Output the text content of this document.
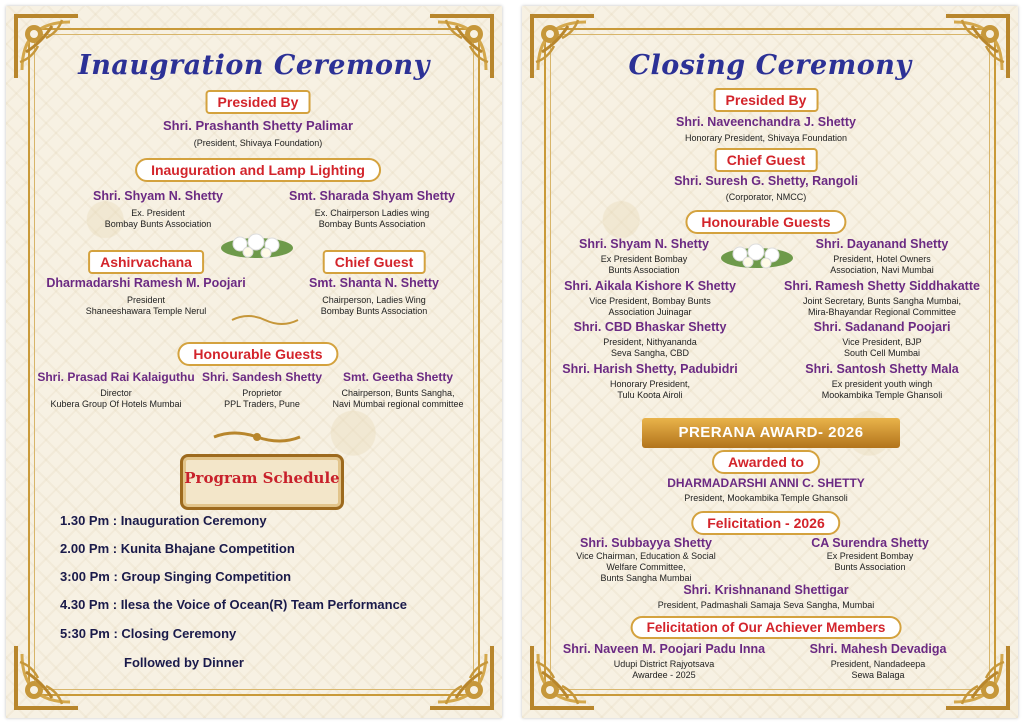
Inaugration Ceremony
Presided By
Shri. Prashanth Shetty Palimar
(President, Shivaya Foundation)
Inauguration and Lamp Lighting
Shri. Shyam N. Shetty
Ex. President
Bombay Bunts Association
Smt. Sharada Shyam Shetty
Ex. Chairperson Ladies wing
Bombay Bunts Association
Ashirvachana
Dharmadarshi Ramesh M. Poojari
President
Shaneeshawara Temple Nerul
Chief Guest
Smt. Shanta N. Shetty
Chairperson, Ladies Wing
Bombay Bunts Association
Honourable Guests
Shri. Prasad Rai Kalaiguthu
Director
Kubera Group Of Hotels Mumbai
Shri. Sandesh Shetty
Proprietor
PPL Traders, Pune
Smt. Geetha Shetty
Chairperson, Bunts Sangha,
Navi Mumbai regional committee
Program Schedule
1.30 Pm : Inauguration Ceremony
2.00 Pm : Kunita Bhajane Competition
3:00 Pm : Group Singing Competition
4.30 Pm : Ilesa the Voice of Ocean(R) Team Performance
5:30 Pm : Closing Ceremony
Followed by Dinner
Closing Ceremony
Presided By
Shri. Naveenchandra J. Shetty
Honorary President, Shivaya Foundation
Chief Guest
Shri. Suresh G. Shetty, Rangoli
(Corporator, NMCC)
Honourable Guests
Shri. Shyam N. Shetty
Ex President Bombay
Bunts Association
Shri. Dayanand Shetty
President, Hotel Owners
Association, Navi Mumbai
Shri. Aikala Kishore K Shetty
Vice President, Bombay Bunts
Association Juinagar
Shri. Ramesh Shetty Siddhakatte
Joint Secretary, Bunts Sangha Mumbai,
Mira-Bhayandar Regional Committee
Shri. CBD Bhaskar Shetty
President, Nithyananda
Seva Sangha, CBD
Shri. Sadanand Poojari
Vice President, BJP
South Cell Mumbai
Shri. Harish Shetty, Padubidri
Honorary President,
Tulu Koota Airoli
Shri. Santosh Shetty Mala
Ex president youth wingh
Mookambika Temple Ghansoli
PRERANA AWARD- 2026
Awarded to
DHARMADARSHI ANNI C. SHETTY
President, Mookambika Temple Ghansoli
Felicitation - 2026
Shri. Subbayya Shetty
Vice Chairman, Education & Social
Welfare Committee,
Bunts Sangha Mumbai
CA Surendra Shetty
Ex President Bombay
Bunts Association
Shri. Krishnanand Shettigar
President, Padmashali Samaja Seva Sangha, Mumbai
Felicitation of Our Achiever Members
Shri. Naveen M. Poojari Padu Inna
Udupi District Rajyotsava
Awardee - 2025
Shri. Mahesh Devadiga
President, Nandadeepa
Sewa Balaga
